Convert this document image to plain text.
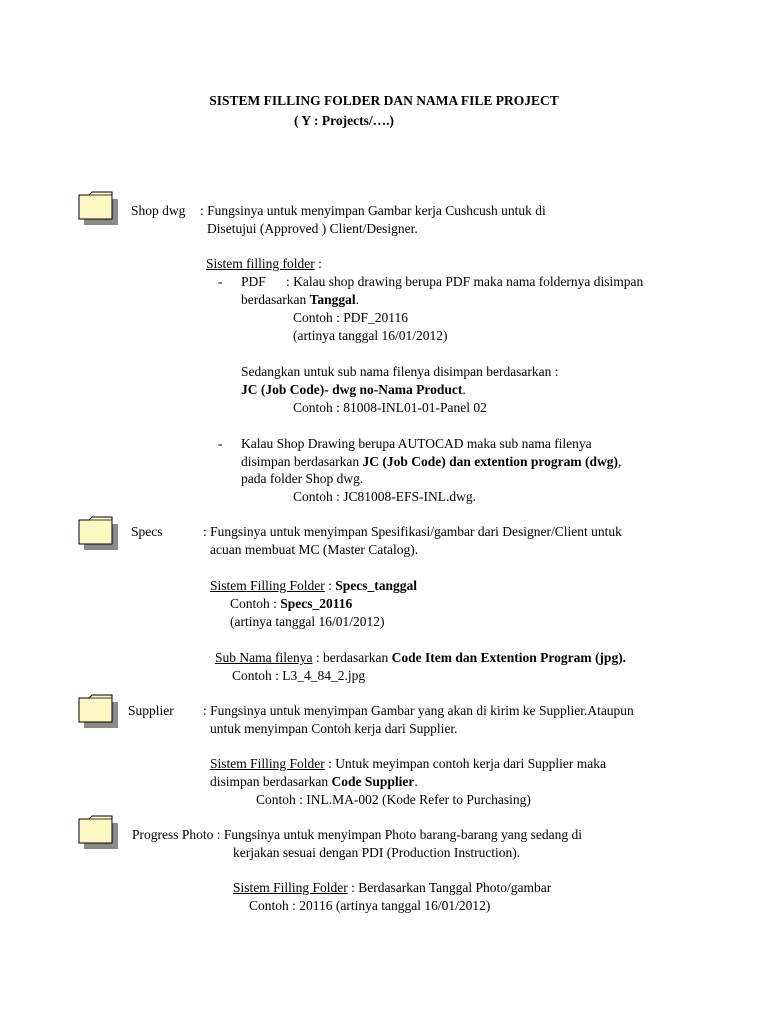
SISTEM FILLING FOLDER DAN NAMA FILE PROJECT
( Y : Projects/….)
Shop dwg : Fungsinya untuk menyimpan Gambar kerja Cushcush untuk di
Disetujui (Approved ) Client/Designer.
Sistem filling folder :
- PDF : Kalau shop drawing berupa PDF maka nama foldernya disimpan
berdasarkan Tanggal.
Contoh : PDF_20116
(artinya tanggal 16/01/2012)
Sedangkan untuk sub nama filenya disimpan berdasarkan :
JC (Job Code)- dwg no-Nama Product.
Contoh : 81008-INL01-01-Panel 02
- Kalau Shop Drawing berupa AUTOCAD maka sub nama filenya
disimpan berdasarkan JC (Job Code) dan extention program (dwg),
pada folder Shop dwg.
Contoh : JC81008-EFS-INL.dwg.
Specs	: Fungsinya untuk menyimpan Spesifikasi/gambar dari Designer/Client untuk
acuan membuat MC (Master Catalog).
Sistem Filling Folder : Specs_tanggal
Contoh : Specs_20116
(artinya tanggal 16/01/2012)
Sub Nama filenya : berdasarkan Code Item dan Extention Program (jpg).
Contoh : L3_4_84_2.jpg
Supplier : Fungsinya untuk menyimpan Gambar yang akan di kirim ke Supplier.Ataupun
untuk menyimpan Contoh kerja dari Supplier.
Sistem Filling Folder : Untuk meyimpan contoh kerja dari Supplier maka
disimpan berdasarkan Code Supplier.
Contoh : INL.MA-002 (Kode Refer to Purchasing)
Progress Photo : Fungsinya untuk menyimpan Photo barang-barang yang sedang di
kerjakan sesuai dengan PDI (Production Instruction).
Sistem Filling Folder : Berdasarkan Tanggal Photo/gambar
Contoh : 20116 (artinya tanggal 16/01/2012)
